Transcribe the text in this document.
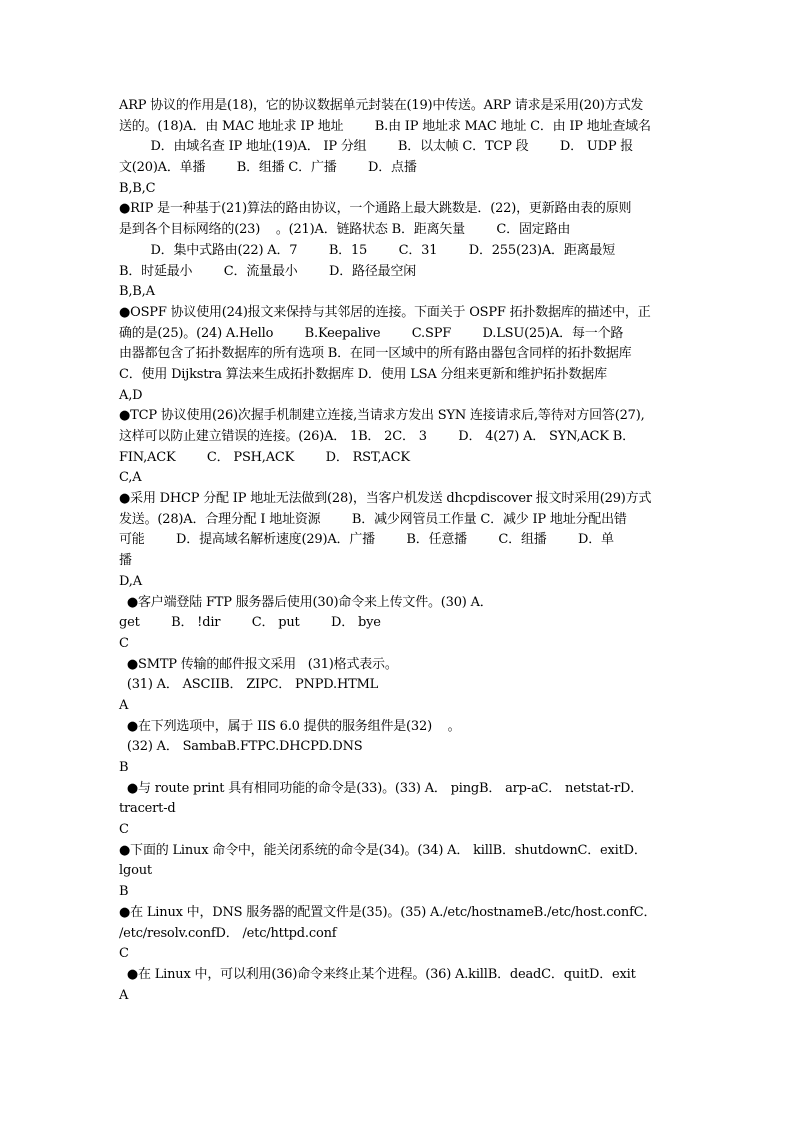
ARP 协议的作用是(18)，它的协议数据单元封装在(19)中传送。ARP 请求是采用(20)方式发
送的。(18)A．由 MAC 地址求 IP 地址        B.由 IP 地址求 MAC 地址 C．由 IP 地址查域名
D．由域名查 IP 地址(19)A． IP 分组        B．以太帧 C．TCP 段        D． UDP 报
文(20)A．单播        B．组播 C．广播        D．点播
B,B,C
●RIP 是一种基于(21)算法的路由协议，一个通路上最大跳数是．(22)，更新路由表的原则
是到各个目标网络的(23)    。(21)A．链路状态 B．距离矢量        C．固定路由
D．集中式路由(22) A．7        B．15        C．31        D．255(23)A．距离最短
B．时延最小        C．流量最小        D．路径最空闲
B,B,A
●OSPF 协议使用(24)报文来保持与其邻居的连接。下面关于 OSPF 拓扑数据库的描述中，正
确的是(25)。(24) A.Hello        B.Keepalive        C.SPF        D.LSU(25)A．每一个路
由器都包含了拓扑数据库的所有选项 B．在同一区域中的所有路由器包含同样的拓扑数据库
C．使用 Dijkstra 算法来生成拓扑数据库 D．使用 LSA 分组来更新和维护拓扑数据库
A,D
●TCP 协议使用(26)次握手机制建立连接,当请求方发出 SYN 连接请求后,等待对方回答(27),
这样可以防止建立错误的连接。(26)A． 1B． 2C． 3        D． 4(27) A． SYN,ACK B．
FIN,ACK        C． PSH,ACK        D． RST,ACK
C,A
●采用 DHCP 分配 IP 地址无法做到(28)，当客户机发送 dhcpdiscover 报文时采用(29)方式
发送。(28)A．合理分配 I 地址资源        B．减少网管员工作量 C．减少 IP 地址分配出错
可能        D．提高域名解析速度(29)A．广播        B．任意播        C．组播        D．单
播
D,A
●客户端登陆 FTP 服务器后使用(30)命令来上传文件。(30) A．
get        B． !dir        C． put        D． bye
C
●SMTP 传输的邮件报文采用   (31)格式表示。
(31) A． ASCIIB． ZIPC． PNPD.HTML
A
●在下列选项中，属于 IIS 6.0 提供的服务组件是(32)    。
(32) A． SambaB.FTPC.DHCPD.DNS
B
●与 route print 具有相同功能的命令是(33)。(33) A． pingB． arp-aC． netstat-rD．
tracert-d
C
●下面的 Linux 命令中，能关闭系统的命令是(34)。(34) A． killB．shutdownC．exitD．
lgout
B
●在 Linux 中，DNS 服务器的配置文件是(35)。(35) A./etc/hostnameB./etc/host.confC．
/etc/resolv.confD． /etc/httpd.conf
C
●在 Linux 中，可以利用(36)命令来终止某个进程。(36) A.killB．deadC．quitD．exit
A
